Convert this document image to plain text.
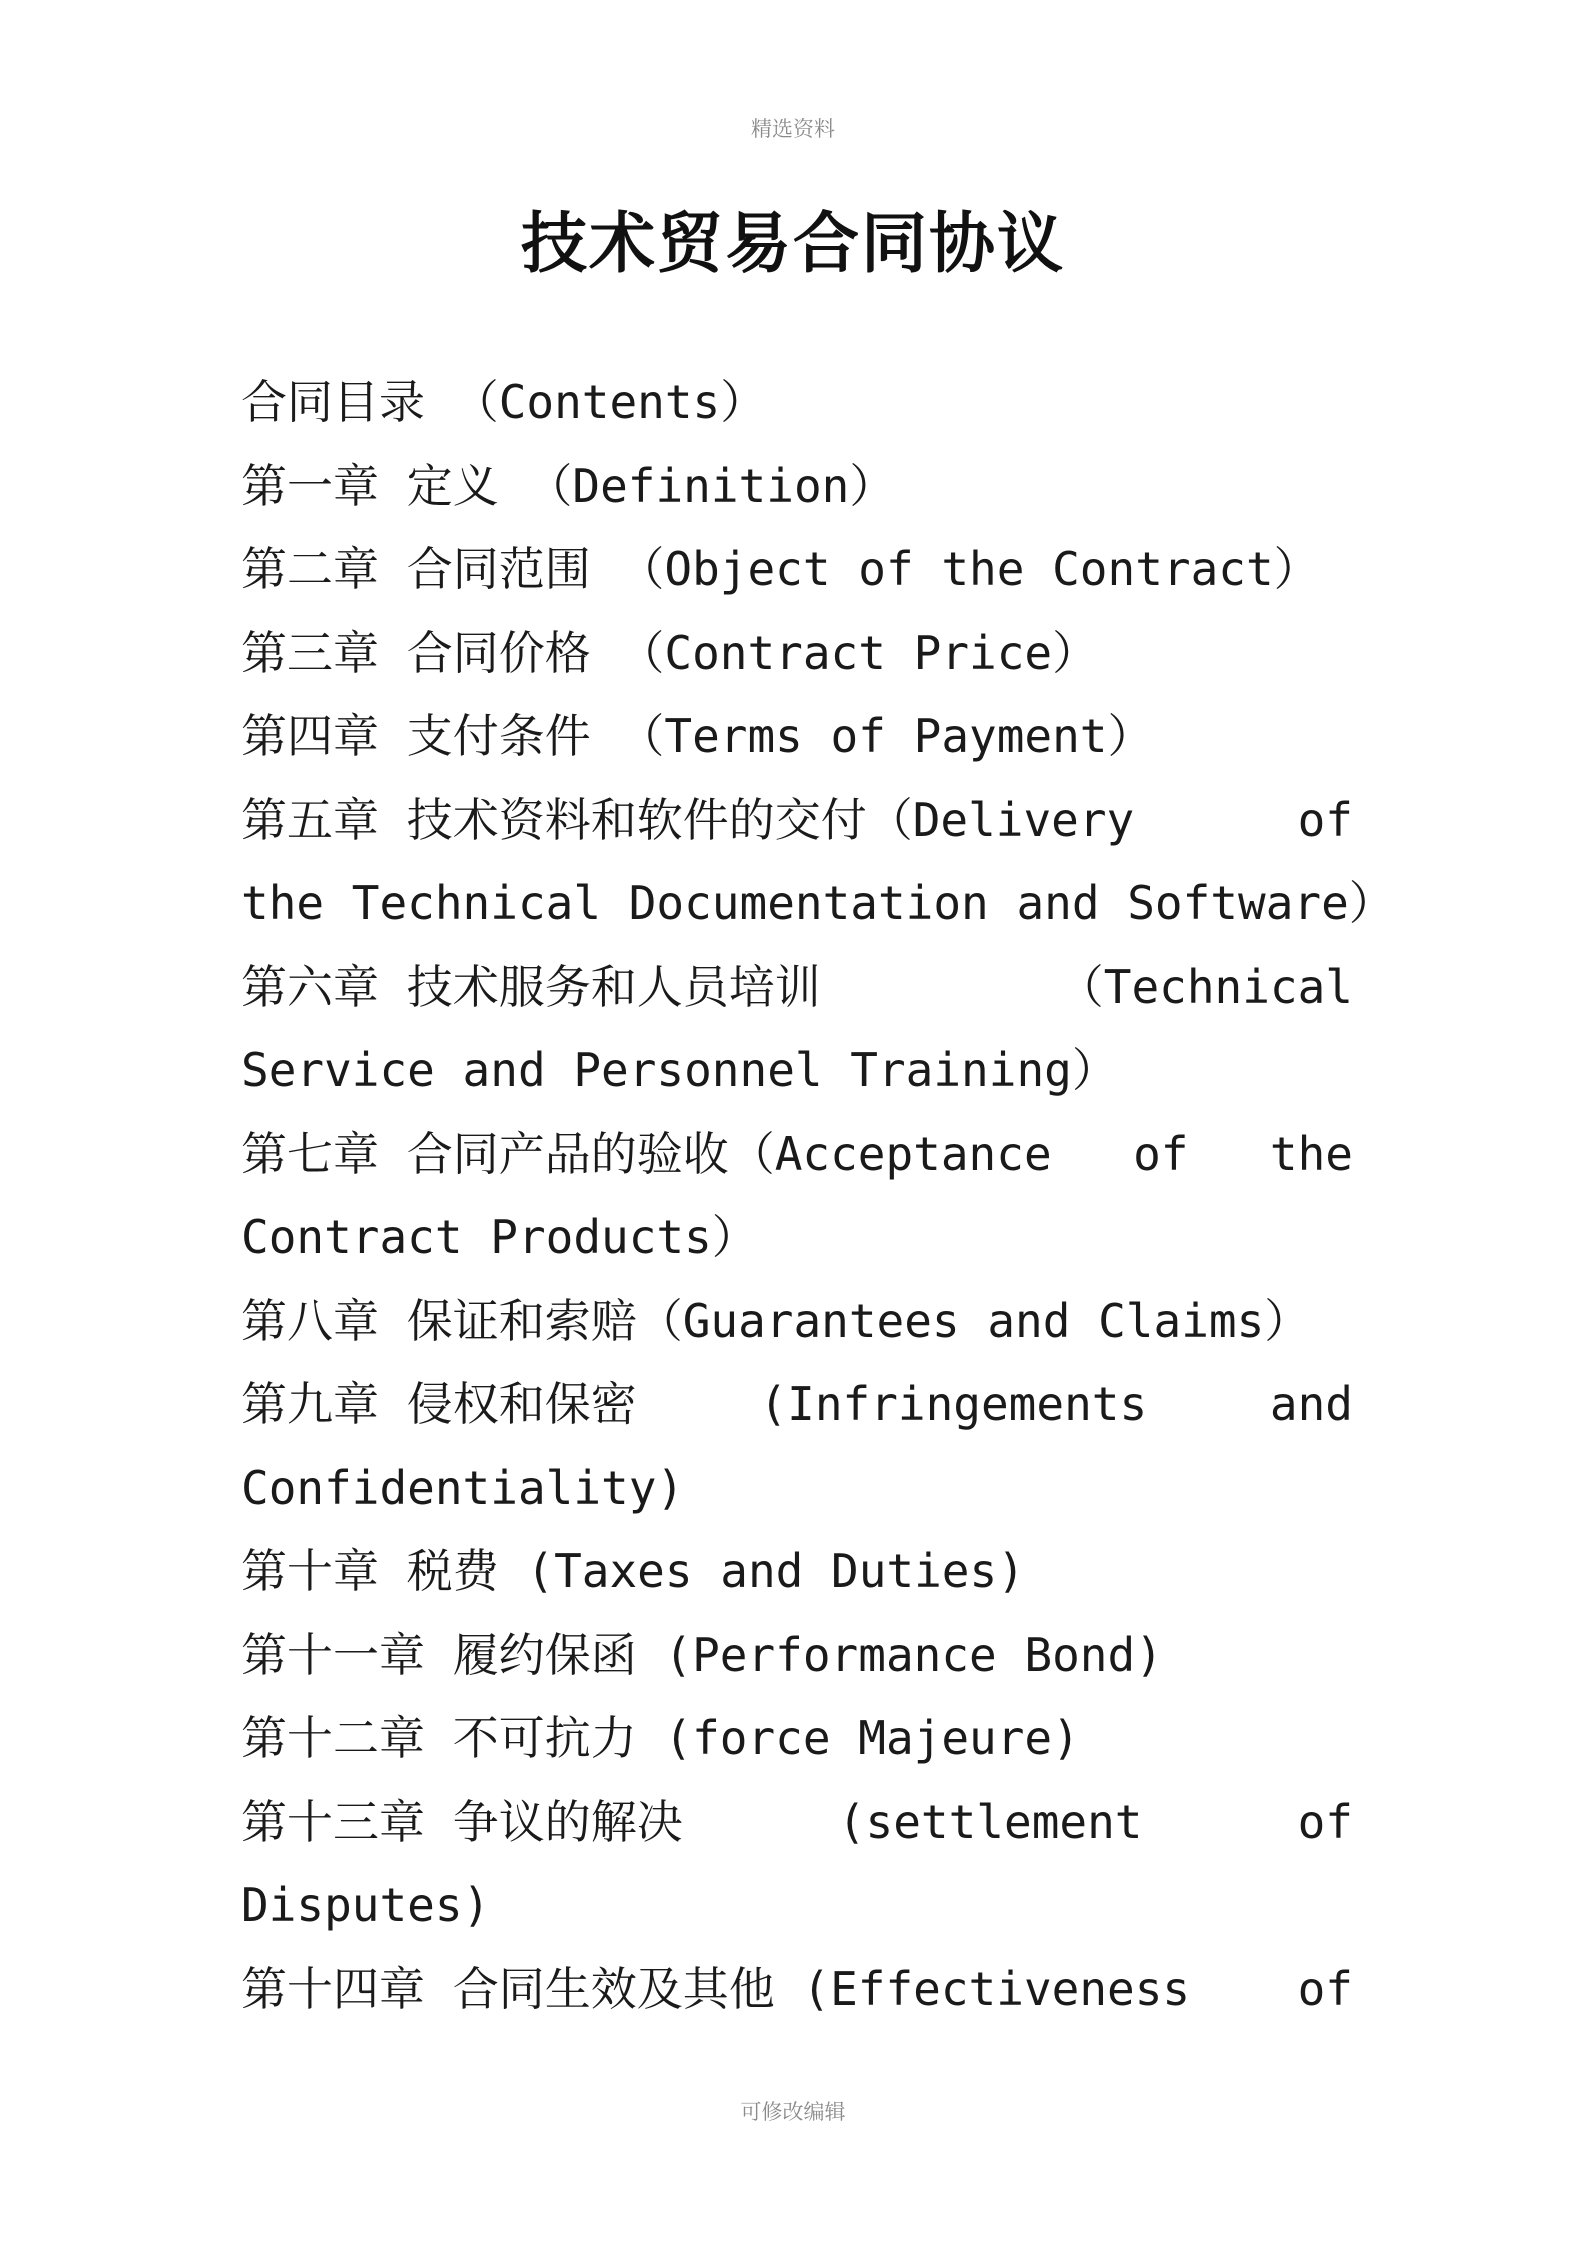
精选资料
技术贸易合同协议
合同目录 （Contents）
第一章 定义 （Definition）
第二章 合同范围 （Object of the Contract）
第三章 合同价格 （Contract Price）
第四章 支付条件 （Terms of Payment）
第五章 技术资料和软件的交付（Delivery	of
the Technical Documentation and Software）
第六章 技术服务和人员培训	（Technical
Service and Personnel Training）
第七章 合同产品的验收（Acceptance of the
Contract Products）
第八章 保证和索赔（Guarantees and Claims）
第九章 侵权和保密	(Infringements	and
Confidentiality)
第十章 税费 (Taxes and Duties)
第十一章 履约保函 (Performance Bond)
第十二章 不可抗力 (force Majeure)
第十三章 争议的解决	(settlement	of
Disputes)
第十四章 合同生效及其他 (Effectiveness of
可修改编辑
